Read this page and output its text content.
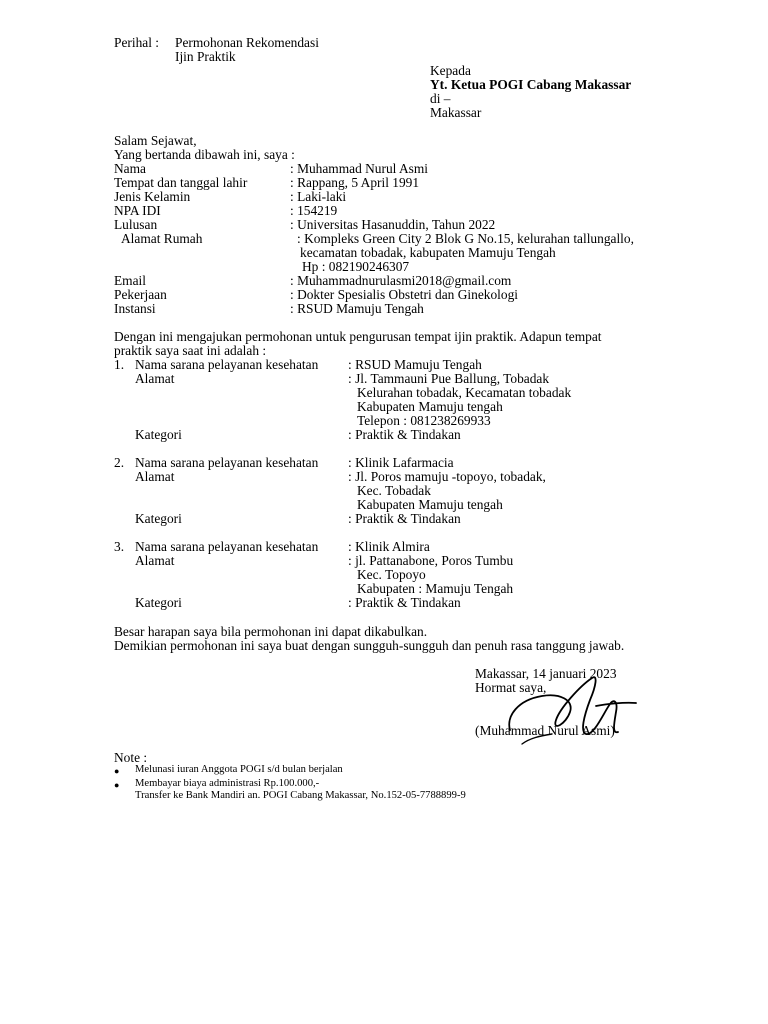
Perihal : Permohonan Rekomendasi
Ijin Praktik
Kepada
Yt. Ketua POGI Cabang Makassar
di –
Makassar
Salam Sejawat,
Yang bertanda dibawah ini, saya :
Nama	: Muhammad Nurul Asmi
Tempat dan tanggal lahir	: Rappang, 5 April 1991
Jenis Kelamin	: Laki-laki
NPA IDI	: 154219
Lulusan	: Universitas Hasanuddin, Tahun 2022
Alamat Rumah	: Kompleks Green City 2 Blok G No.15, kelurahan tallungallo,
kecamatan tobadak, kabupaten Mamuju Tengah
Hp : 082190246307
Email	: Muhammadnurulasmi2018@gmail.com
Pekerjaan	: Dokter Spesialis Obstetri dan Ginekologi
Instansi	: RSUD Mamuju Tengah
Dengan ini mengajukan permohonan untuk pengurusan tempat ijin praktik. Adapun tempat
praktik saya saat ini adalah :
1. Nama sarana pelayanan kesehatan : RSUD Mamuju Tengah
Alamat	: Jl. Tammauni Pue Ballung, Tobadak
Kelurahan tobadak, Kecamatan tobadak
Kabupaten Mamuju tengah
Telepon : 081238269933
Kategori	: Praktik & Tindakan
2. Nama sarana pelayanan kesehatan : Klinik Lafarmacia
Alamat	: Jl. Poros mamuju -topoyo, tobadak,
Kec. Tobadak
Kabupaten Mamuju tengah
Kategori	: Praktik & Tindakan
3. Nama sarana pelayanan kesehatan : Klinik Almira
Alamat	: jl. Pattanabone, Poros Tumbu
Kec. Topoyo
Kabupaten : Mamuju Tengah
Kategori	: Praktik & Tindakan
Besar harapan saya bila permohonan ini dapat dikabulkan.
Demikian permohonan ini saya buat dengan sungguh-sungguh dan penuh rasa tanggung jawab.
Makassar, 14 januari 2023
Hormat saya,
(Muhammad Nurul Asmi)
Note :
● Melunasi iuran Anggota POGI s/d bulan berjalan
● Membayar biaya administrasi Rp.100.000,-
Transfer ke Bank Mandiri an. POGI Cabang Makassar, No.152-05-7788899-9
